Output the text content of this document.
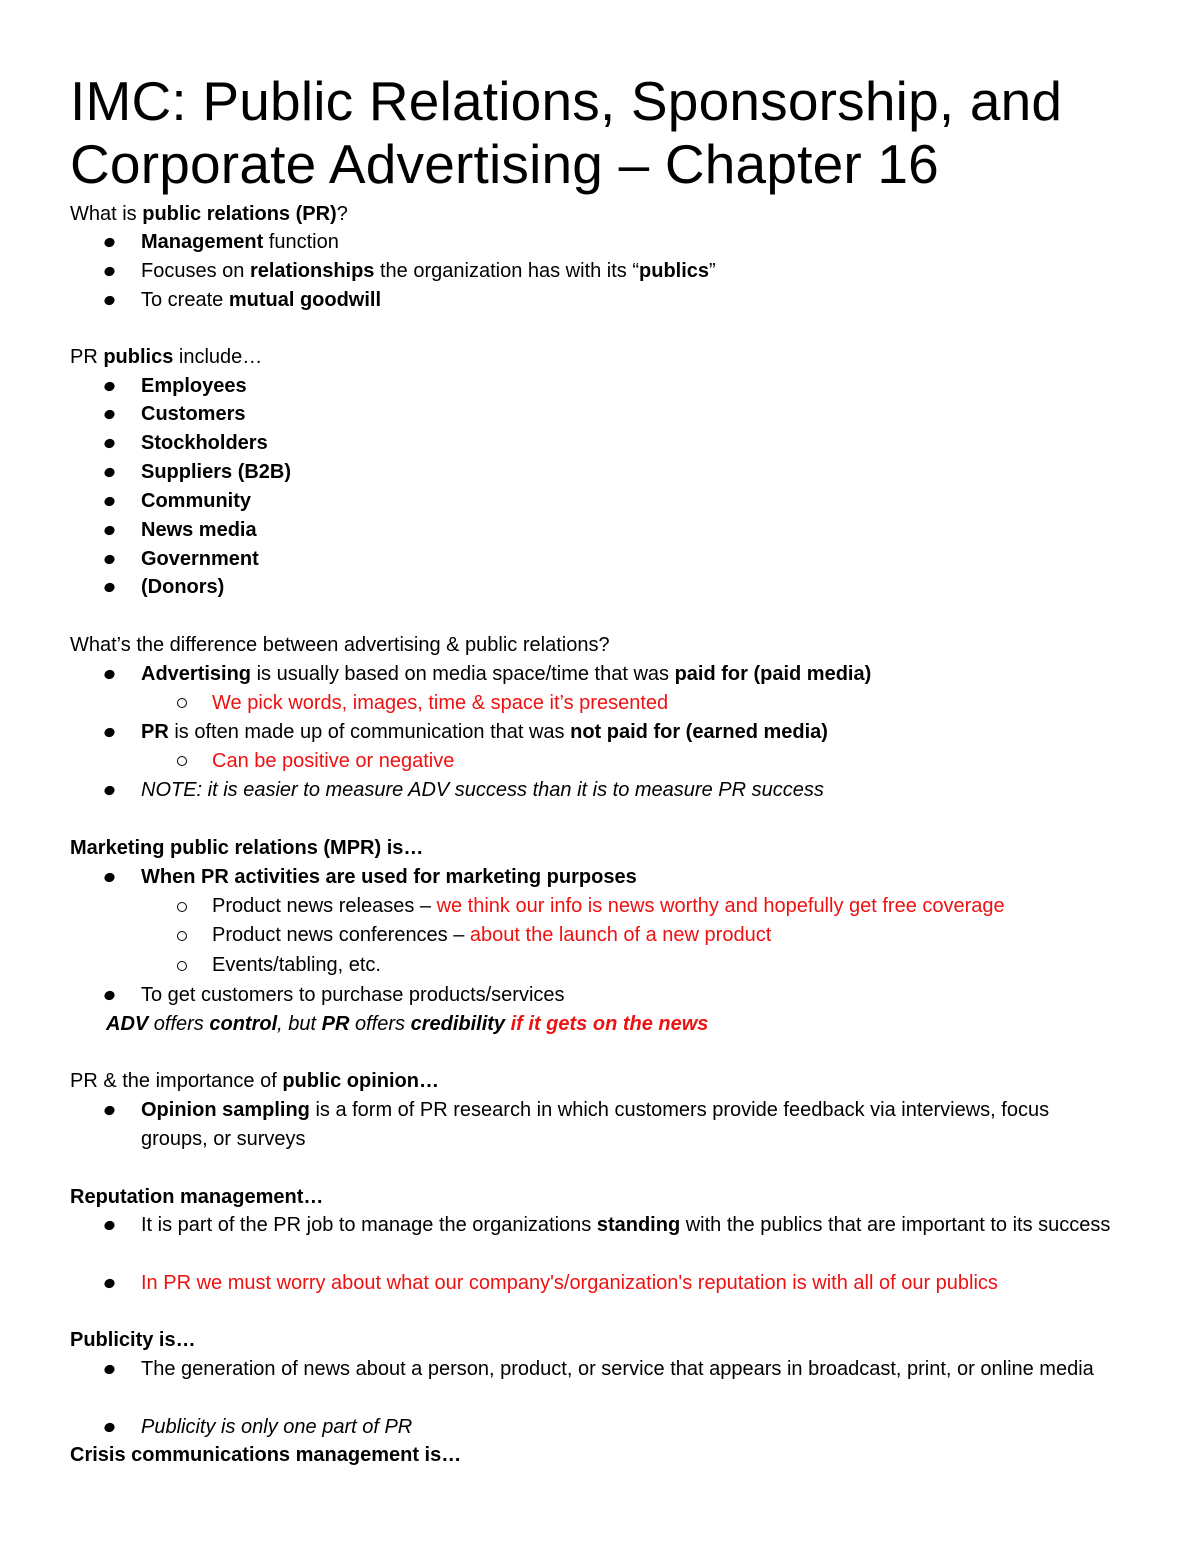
IMC: Public Relations, Sponsorship, and Corporate Advertising – Chapter 16
What is public relations (PR)?
Management function
Focuses on relationships the organization has with its “publics”
To create mutual goodwill
PR publics include…
Employees
Customers
Stockholders
Suppliers (B2B)
Community
News media
Government
(Donors)
What’s the difference between advertising & public relations?
Advertising is usually based on media space/time that was paid for (paid media)
We pick words, images, time & space it’s presented
PR is often made up of communication that was not paid for (earned media)
Can be positive or negative
NOTE: it is easier to measure ADV success than it is to measure PR success
Marketing public relations (MPR) is…
When PR activities are used for marketing purposes
Product news releases – we think our info is news worthy and hopefully get free coverage
Product news conferences – about the launch of a new product
Events/tabling, etc.
To get customers to purchase products/services
ADV offers control, but PR offers credibility if it gets on the news
PR & the importance of public opinion…
Opinion sampling is a form of PR research in which customers provide feedback via interviews, focus groups, or surveys
Reputation management…
It is part of the PR job to manage the organizations standing with the publics that are important to its success
In PR we must worry about what our company's/organization's reputation is with all of our publics
Publicity is…
The generation of news about a person, product, or service that appears in broadcast, print, or online media
Publicity is only one part of PR
Crisis communications management is…
